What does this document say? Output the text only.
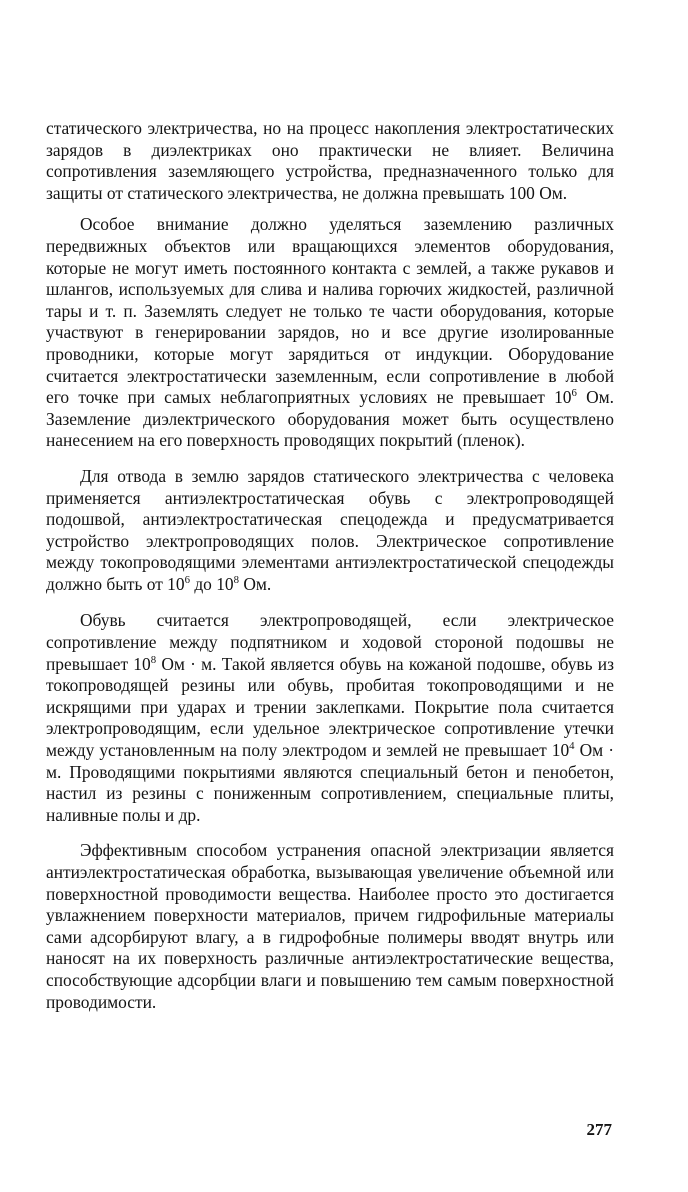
статического электричества, но на процесс накопления электростатических зарядов в диэлектриках оно практически не влияет. Величина сопротивления заземляющего устройства, предназначенного только для защиты от статического электричества, не должна превышать 100 Ом.

Особое внимание должно уделяться заземлению различных передвижных объектов или вращающихся элементов оборудования, которые не могут иметь постоянного контакта с землей, а также рукавов и шлангов, используемых для слива и налива горючих жидкостей, различной тары и т. п. Заземлять следует не только те части оборудования, которые участвуют в генерировании зарядов, но и все другие изолированные проводники, которые могут зарядиться от индукции. Оборудование считается электростатически заземленным, если сопротивление в любой его точке при самых неблагоприятных условиях не превышает $10^6$ Ом. Заземление диэлектрического оборудования может быть осуществлено нанесением на его поверхность проводящих покрытий (пленок).

Для отвода в землю зарядов статического электричества с человека применяется антиэлектростатическая обувь с электропроводящей подошвой, антиэлектростатическая спецодежда и предусматривается устройство электропроводящих полов. Электрическое сопротивление между токопроводящими элементами антиэлектростатической спецодежды должно быть от $10^6$ до $10^8$ Ом.

Обувь считается электропроводящей, если электрическое сопротивление между подпятником и ходовой стороной подошвы не превышает $10^8$ Ом · м. Такой является обувь на кожаной подошве, обувь из токопроводящей резины или обувь, пробитая токопроводящими и не искрящими при ударах и трении заклепками. Покрытие пола считается электропроводящим, если удельное электрическое сопротивление утечки между установленным на полу электродом и землей не превышает $10^4$ Ом · м. Проводящими покрытиями являются специальный бетон и пенобетон, настил из резины с пониженным сопротивлением, специальные плиты, наливные полы и др.

Эффективным способом устранения опасной электризации является антиэлектростатическая обработка, вызывающая увеличение объемной или поверхностной проводимости вещества. Наиболее просто это достигается увлажнением поверхности материалов, причем гидрофильные материалы сами адсорбируют влагу, а в гидрофобные полимеры вводят внутрь или наносят на их поверхность различные антиэлектростатические вещества, способствующие адсорбции влаги и повышению тем самым поверхностной проводимости.

277
